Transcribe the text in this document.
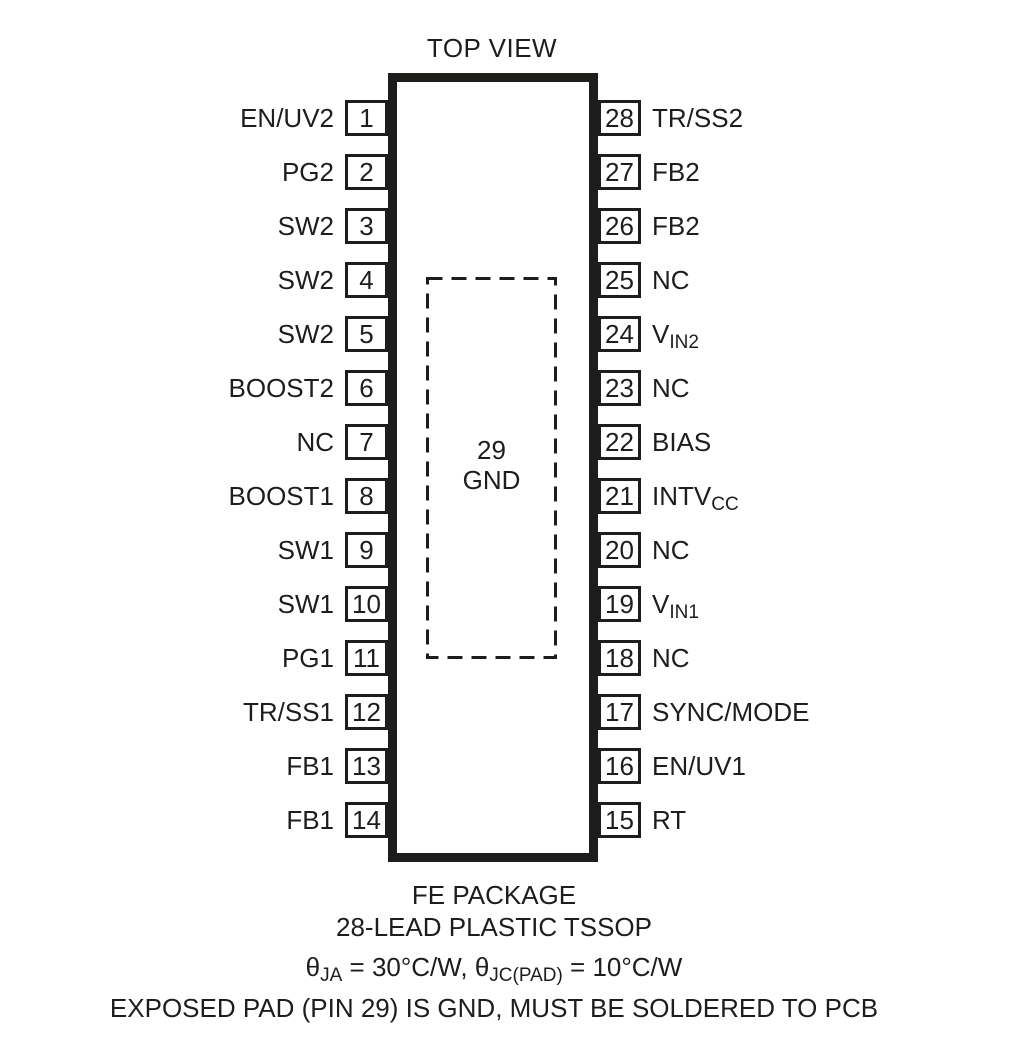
TOP VIEW
29
GND
EN/UV2 1
PG2 2
SW2 3
SW2 4
SW2 5
BOOST2 6
NC 7
BOOST1 8
SW1 9
SW1 10
PG1 11
TR/SS1 12
FB1 13
FB1 14
TR/SS2
28
FB2
27
FB2
26
NC
25
$V_{IN2}$
24
NC
23
BIAS
22
$INTV_{CC}$
21
NC
20
$V_{IN1}$
19
NC
18
SYNC/MODE
17
EN/UV1
16
RT
15
FE PACKAGE
28-LEAD PLASTIC TSSOP
$\theta_{JA} = 30^\circ C/W$, $\theta_{JC(PAD)} = 10^\circ C/W$
EXPOSED PAD (PIN 29) IS GND, MUST BE SOLDERED TO PCB
